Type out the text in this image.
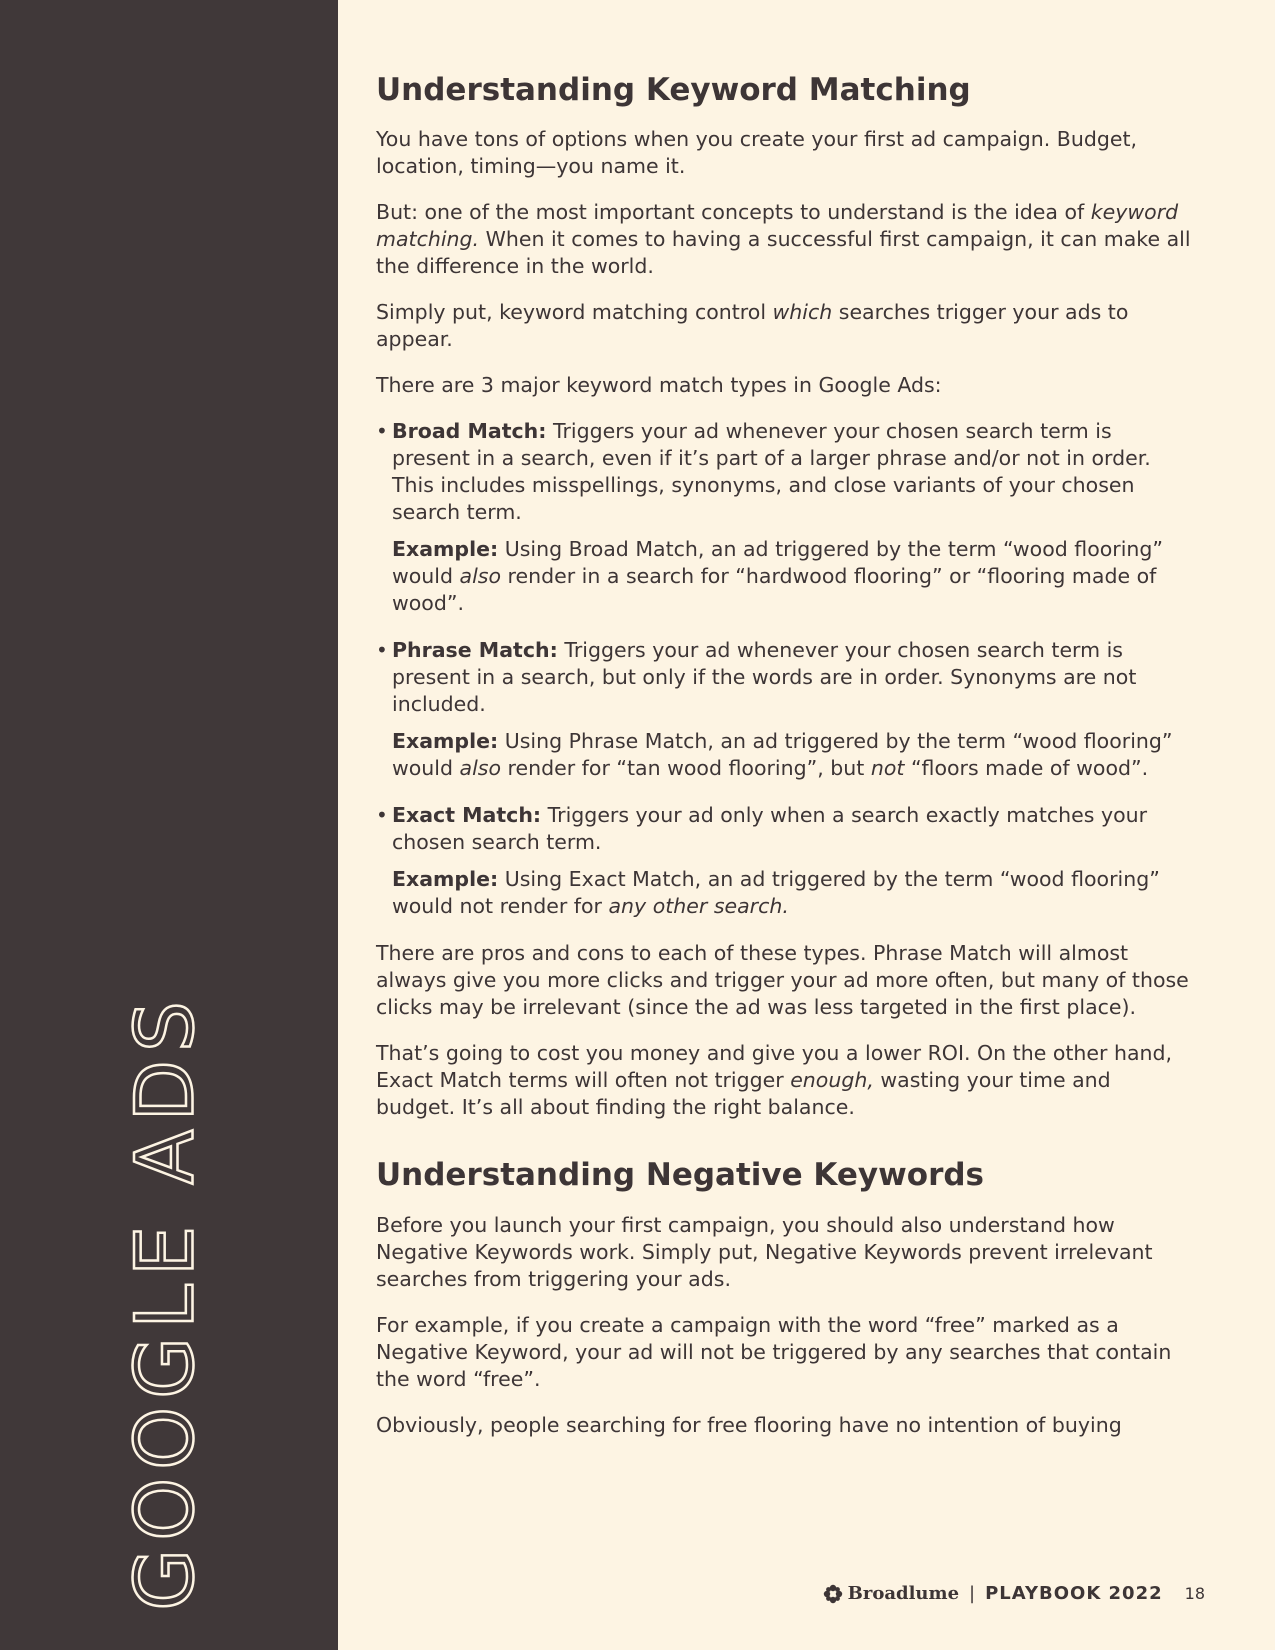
GOOGLE ADS
Understanding Keyword Matching

You have tons of options when you create your first ad campaign. Budget, location, timing—you name it.

But: one of the most important concepts to understand is the idea of keyword matching. When it comes to having a successful first campaign, it can make all the difference in the world.

Simply put, keyword matching control which searches trigger your ads to appear.

There are 3 major keyword match types in Google Ads:

• Broad Match: Triggers your ad whenever your chosen search term is present in a search, even if it’s part of a larger phrase and/or not in order. This includes misspellings, synonyms, and close variants of your chosen search term.

Example: Using Broad Match, an ad triggered by the term “wood flooring” would also render in a search for “hardwood flooring” or “flooring made of wood”.

• Phrase Match: Triggers your ad whenever your chosen search term is present in a search, but only if the words are in order. Synonyms are not included.

Example: Using Phrase Match, an ad triggered by the term “wood flooring” would also render for “tan wood flooring”, but not “floors made of wood”.

• Exact Match: Triggers your ad only when a search exactly matches your chosen search term.

Example: Using Exact Match, an ad triggered by the term “wood flooring” would not render for any other search.

There are pros and cons to each of these types. Phrase Match will almost always give you more clicks and trigger your ad more often, but many of those clicks may be irrelevant (since the ad was less targeted in the first place).

That’s going to cost you money and give you a lower ROI. On the other hand, Exact Match terms will often not trigger enough, wasting your time and budget. It’s all about finding the right balance.

Understanding Negative Keywords

Before you launch your first campaign, you should also understand how Negative Keywords work. Simply put, Negative Keywords prevent irrelevant searches from triggering your ads.

For example, if you create a campaign with the word “free” marked as a Negative Keyword, your ad will not be triggered by any searches that contain the word “free”.

Obviously, people searching for free flooring have no intention of buying

Broadlume | PLAYBOOK 2022 18
